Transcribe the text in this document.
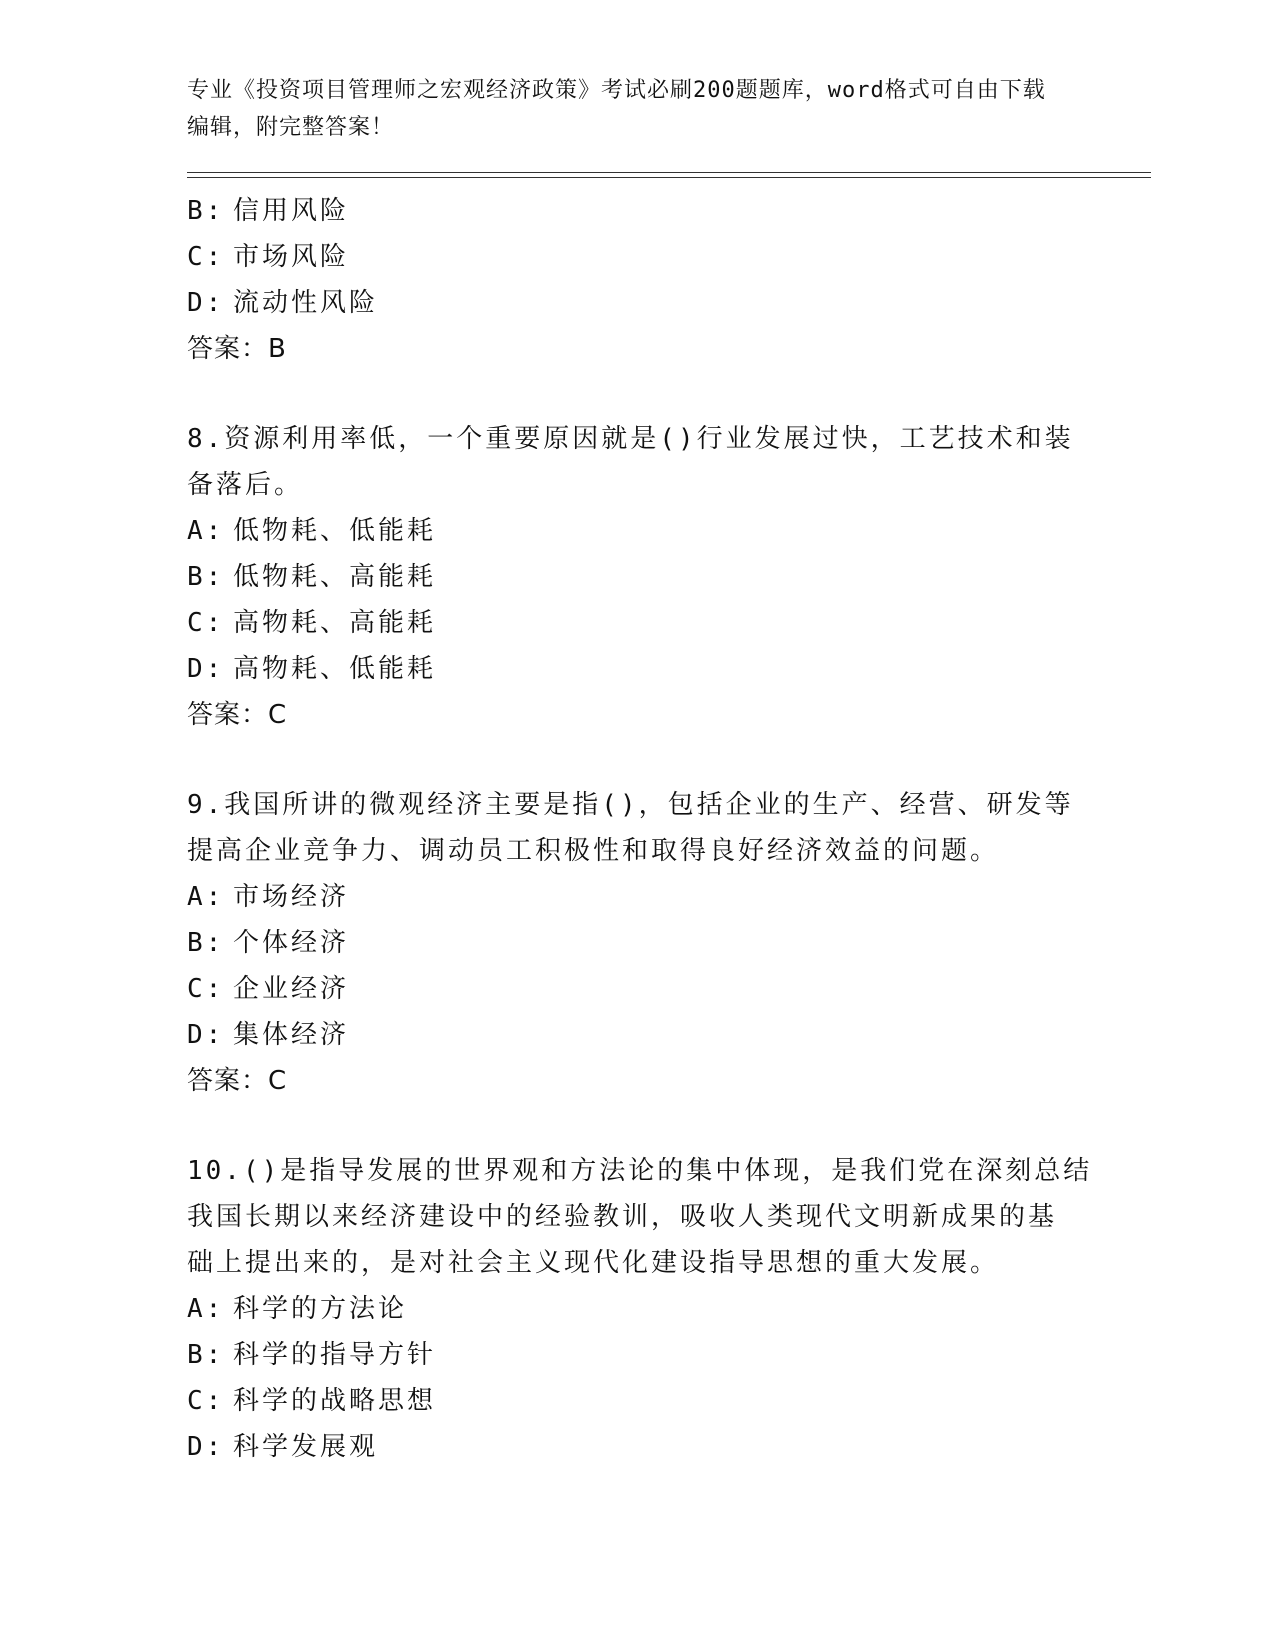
专业《投资项目管理师之宏观经济政策》考试必刷200题题库，word格式可自由下载编辑，附完整答案！
B: 信用风险
C: 市场风险
D: 流动性风险
答案：B
8.资源利用率低，一个重要原因就是()行业发展过快，工艺技术和装
备落后。
A: 低物耗、低能耗
B: 低物耗、高能耗
C: 高物耗、高能耗
D: 高物耗、低能耗
答案：C
9.我国所讲的微观经济主要是指()，包括企业的生产、经营、研发等
提高企业竞争力、调动员工积极性和取得良好经济效益的问题。
A: 市场经济
B: 个体经济
C: 企业经济
D: 集体经济
答案：C
10.()是指导发展的世界观和方法论的集中体现，是我们党在深刻总结
我国长期以来经济建设中的经验教训，吸收人类现代文明新成果的基
础上提出来的，是对社会主义现代化建设指导思想的重大发展。
A: 科学的方法论
B: 科学的指导方针
C: 科学的战略思想
D: 科学发展观
